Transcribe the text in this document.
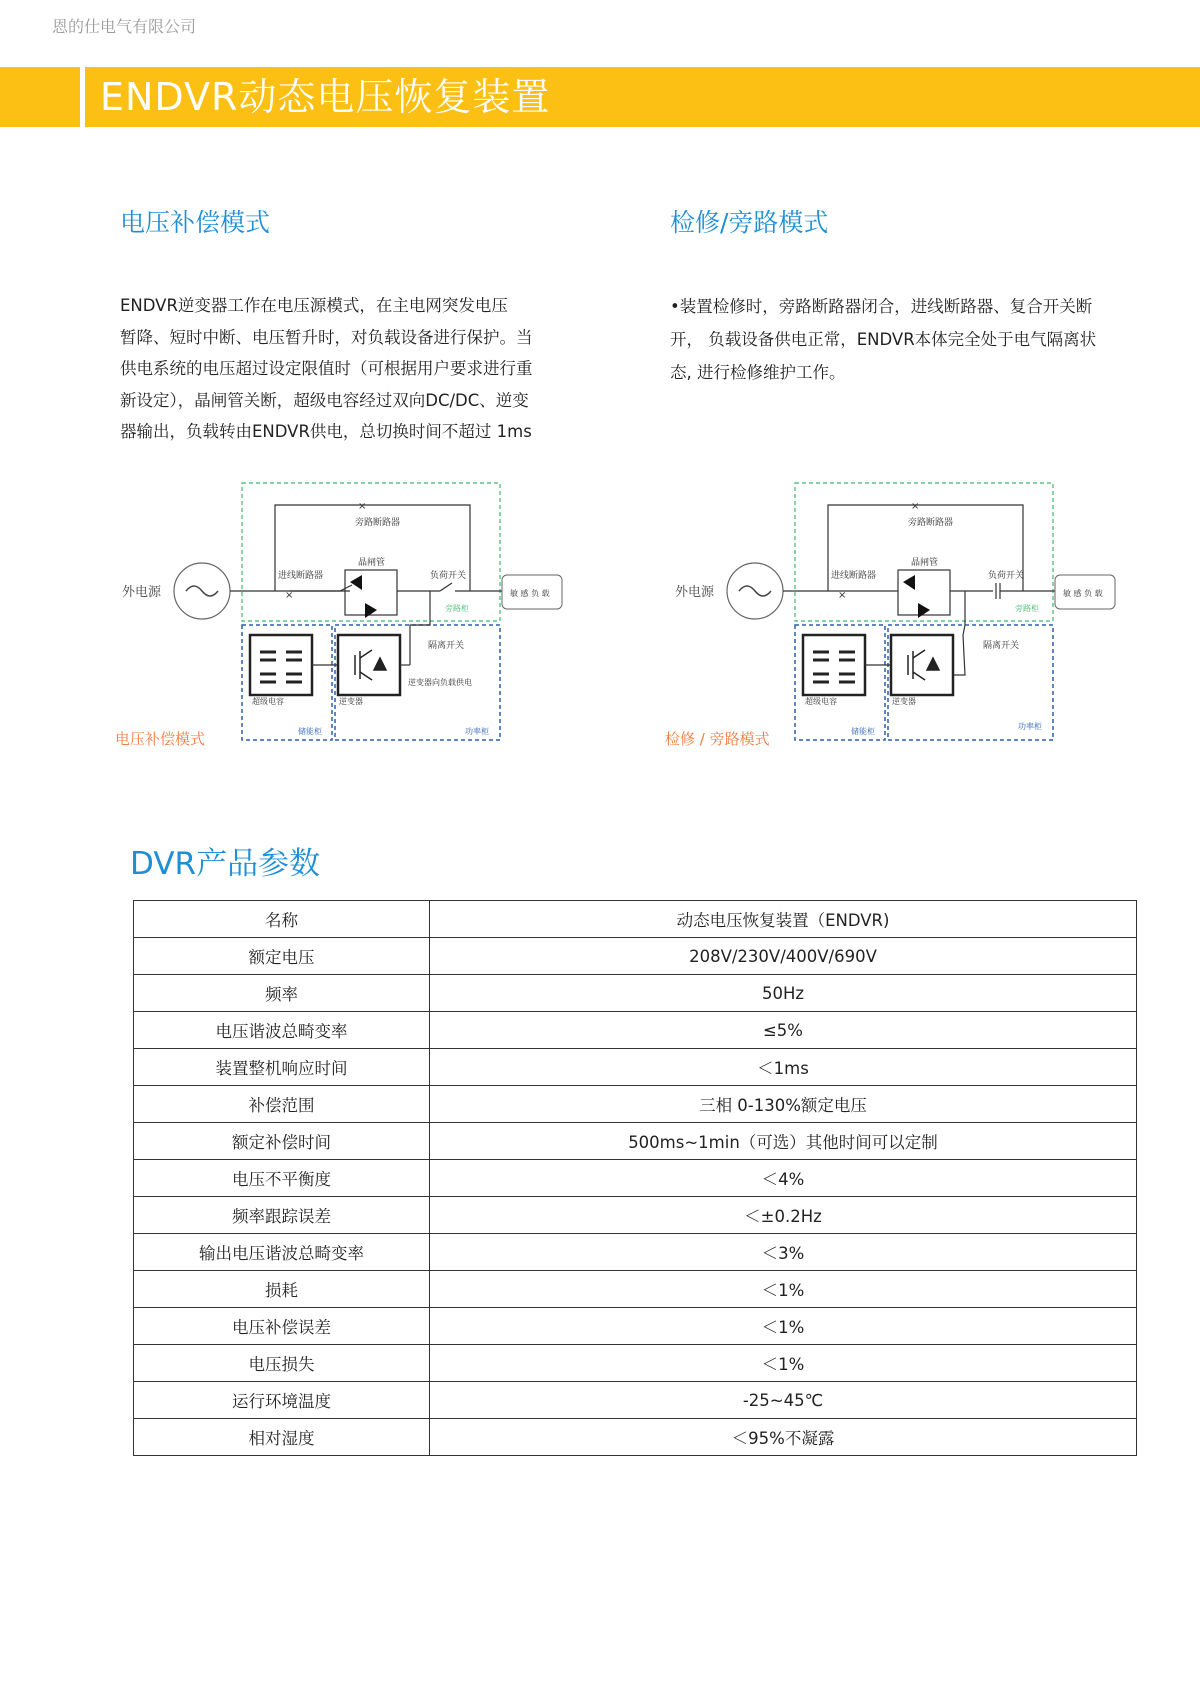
恩的仕电气有限公司
ENDVR动态电压恢复装置
电压补偿模式
ENDVR逆变器工作在电压源模式，在主电网突发电压
暂降、短时中断、电压暂升时，对负载设备进行保护。当
供电系统的电压超过设定限值时（可根据用户要求进行重
新设定），晶闸管关断，超级电容经过双向DC/DC、逆变
器输出，负载转由ENDVR供电，总切换时间不超过 1ms
检修/旁路模式
•装置检修时，旁路断路器闭合，进线断路器、复合开关断
开， 负载设备供电正常，ENDVR本体完全处于电气隔离状
态, 进行检修维护工作。
外电源	×
进线断路器
×
旁路断路器
晶闸管
负荷开关
敏 感 负 载
旁路柜
隔离开关
超级电容	逆变器
逆变器向负载供电
储能柜	功率柜
电压补偿模式
外电源	×
进线断路器
×
旁路断路器
晶闸管
负荷开关
敏 感 负 载
旁路柜
隔离开关
超级电容	逆变器
储能柜
功率柜
检修 / 旁路模式
DVR产品参数
名称	动态电压恢复装置（ENDVR)
额定电压	208V/230V/400V/690V
频率	50Hz
电压谐波总畸变率	≤5%
装置整机响应时间	＜1ms
补偿范围	三相 0-130%额定电压
额定补偿时间	500ms~1min（可选）其他时间可以定制
电压不平衡度	＜4%
频率跟踪误差	＜±0.2Hz
输出电压谐波总畸变率	＜3%
损耗	＜1%
电压补偿误差	＜1%
电压损失	＜1%
运行环境温度	-25~45℃
相对湿度	＜95%不凝露
